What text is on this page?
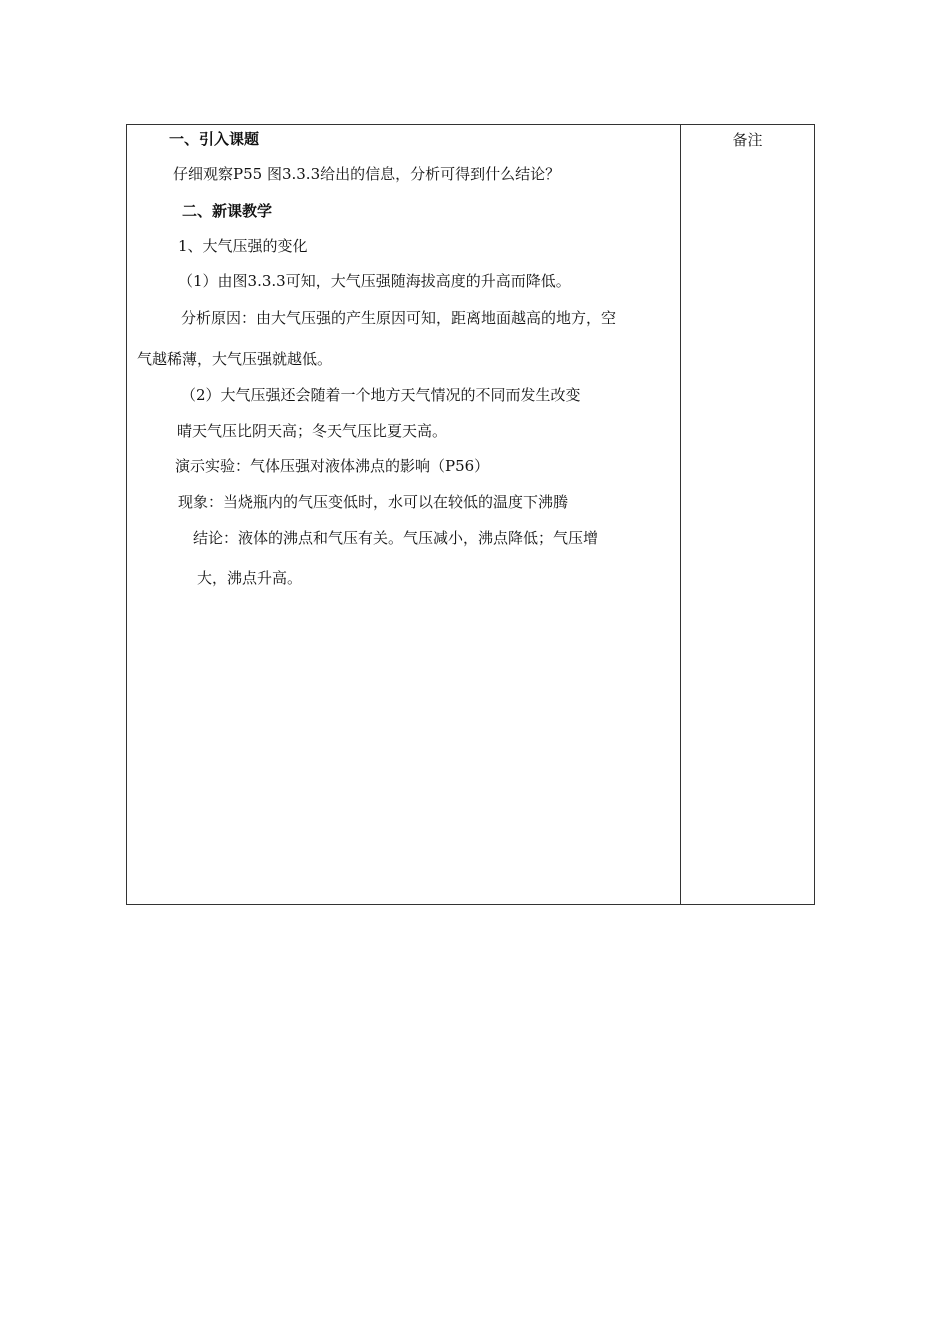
备注
一、引入课题
仔细观察P55 图3.3.3给出的信息，分析可得到什么结论？
二、新课教学
1、大气压强的变化
（1）由图3.3.3可知，大气压强随海拔高度的升高而降低。
分析原因：由大气压强的产生原因可知，距离地面越高的地方，空
气越稀薄，大气压强就越低。
（2）大气压强还会随着一个地方天气情况的不同而发生改变
晴天气压比阴天高；冬天气压比夏天高。
演示实验：气体压强对液体沸点的影响（P56）
现象：当烧瓶内的气压变低时，水可以在较低的温度下沸腾
结论：液体的沸点和气压有关。气压减小，沸点降低；气压增
大，沸点升高。
